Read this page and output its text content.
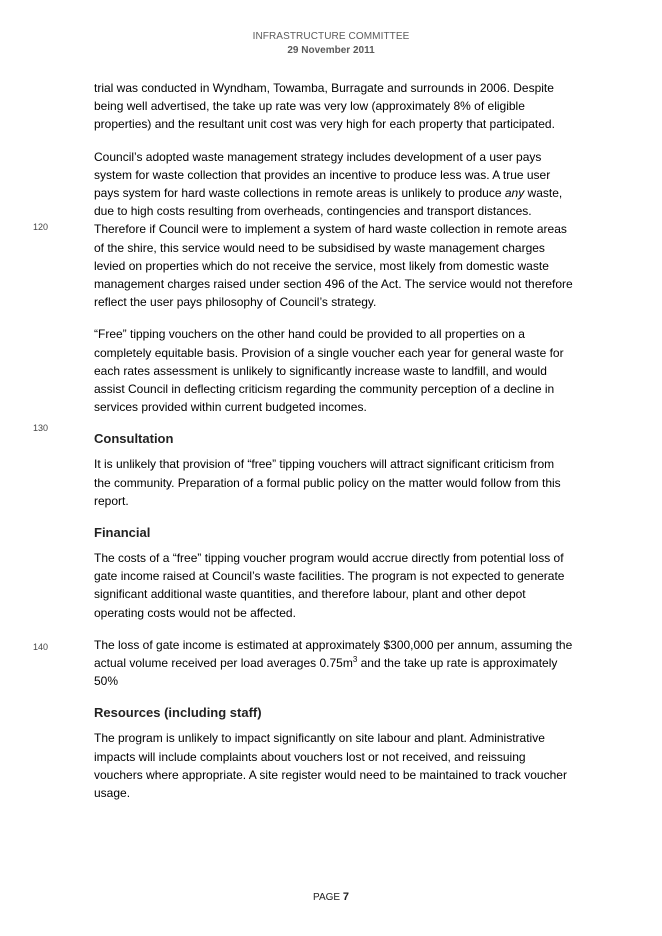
INFRASTRUCTURE COMMITTEE
29 November 2011
120
130
140

trial was conducted in Wyndham, Towamba, Burragate and surrounds in 2006. Despite being well advertised, the take up rate was very low (approximately 8% of eligible properties) and the resultant unit cost was very high for each property that participated.

Council’s adopted waste management strategy includes development of a user pays system for waste collection that provides an incentive to produce less was. A true user pays system for hard waste collections in remote areas is unlikely to produce any waste, due to high costs resulting from overheads, contingencies and transport distances. Therefore if Council were to implement a system of hard waste collection in remote areas of the shire, this service would need to be subsidised by waste management charges levied on properties which do not receive the service, most likely from domestic waste management charges raised under section 496 of the Act. The service would not therefore reflect the user pays philosophy of Council’s strategy.

“Free” tipping vouchers on the other hand could be provided to all properties on a completely equitable basis. Provision of a single voucher each year for general waste for each rates assessment is unlikely to significantly increase waste to landfill, and would assist Council in deflecting criticism regarding the community perception of a decline in services provided within current budgeted incomes.

Consultation

It is unlikely that provision of “free” tipping vouchers will attract significant criticism from the community. Preparation of a formal public policy on the matter would follow from this report.

Financial

The costs of a “free” tipping voucher program would accrue directly from potential loss of gate income raised at Council’s waste facilities. The program is not expected to generate significant additional waste quantities, and therefore labour, plant and other depot operating costs would not be affected.

The loss of gate income is estimated at approximately $300,000 per annum, assuming the actual volume received per load averages $0.75m^3$ and the take up rate is approximately 50%

Resources (including staff)

The program is unlikely to impact significantly on site labour and plant. Administrative impacts will include complaints about vouchers lost or not received, and reissuing vouchers where appropriate. A site register would need to be maintained to track voucher usage.

PAGE 7
